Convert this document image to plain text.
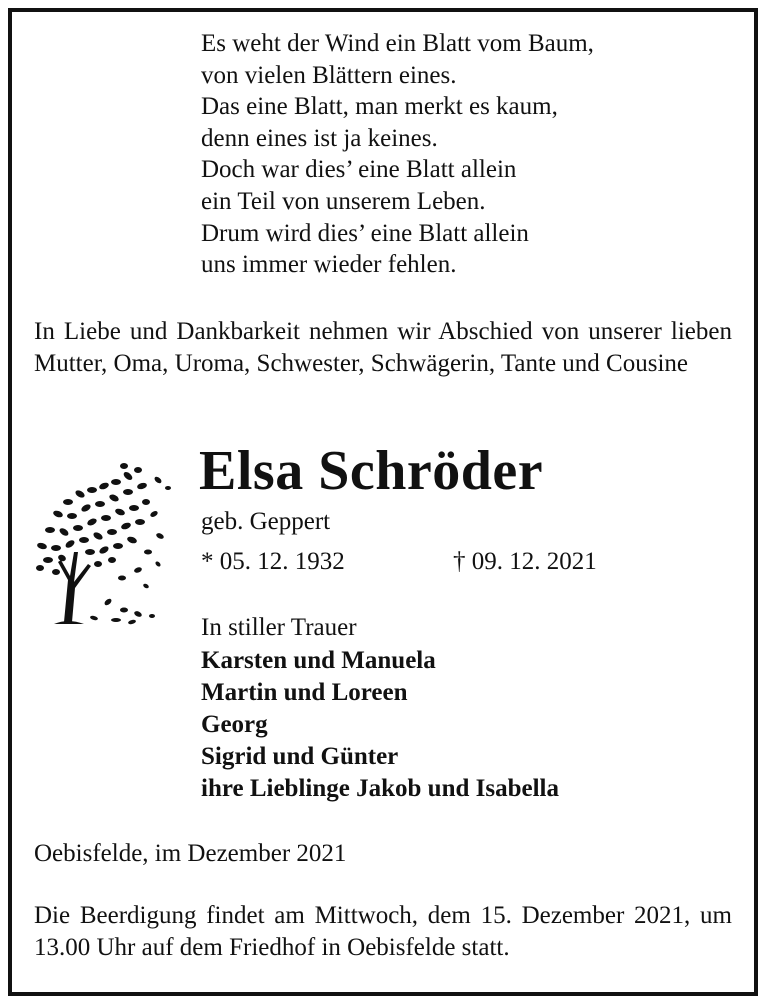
Es weht der Wind ein Blatt vom Baum,
von vielen Blättern eines.
Das eine Blatt, man merkt es kaum,
denn eines ist ja keines.
Doch war dies’ eine Blatt allein
ein Teil von unserem Leben.
Drum wird dies’ eine Blatt allein
uns immer wieder fehlen.
In Liebe und Dankbarkeit nehmen wir Abschied von unserer lieben Mutter, Oma, Uroma, Schwester, Schwägerin, Tante und Cousine
Elsa Schröder
geb. Geppert
* 05. 12. 1932	† 09. 12. 2021
In stiller Trauer
Karsten und Manuela
Martin und Loreen
Georg
Sigrid und Günter
ihre Lieblinge Jakob und Isabella
Oebisfelde, im Dezember 2021
Die Beerdigung findet am Mittwoch, dem 15. Dezember 2021, um 13.00 Uhr auf dem Friedhof in Oebisfelde statt.
